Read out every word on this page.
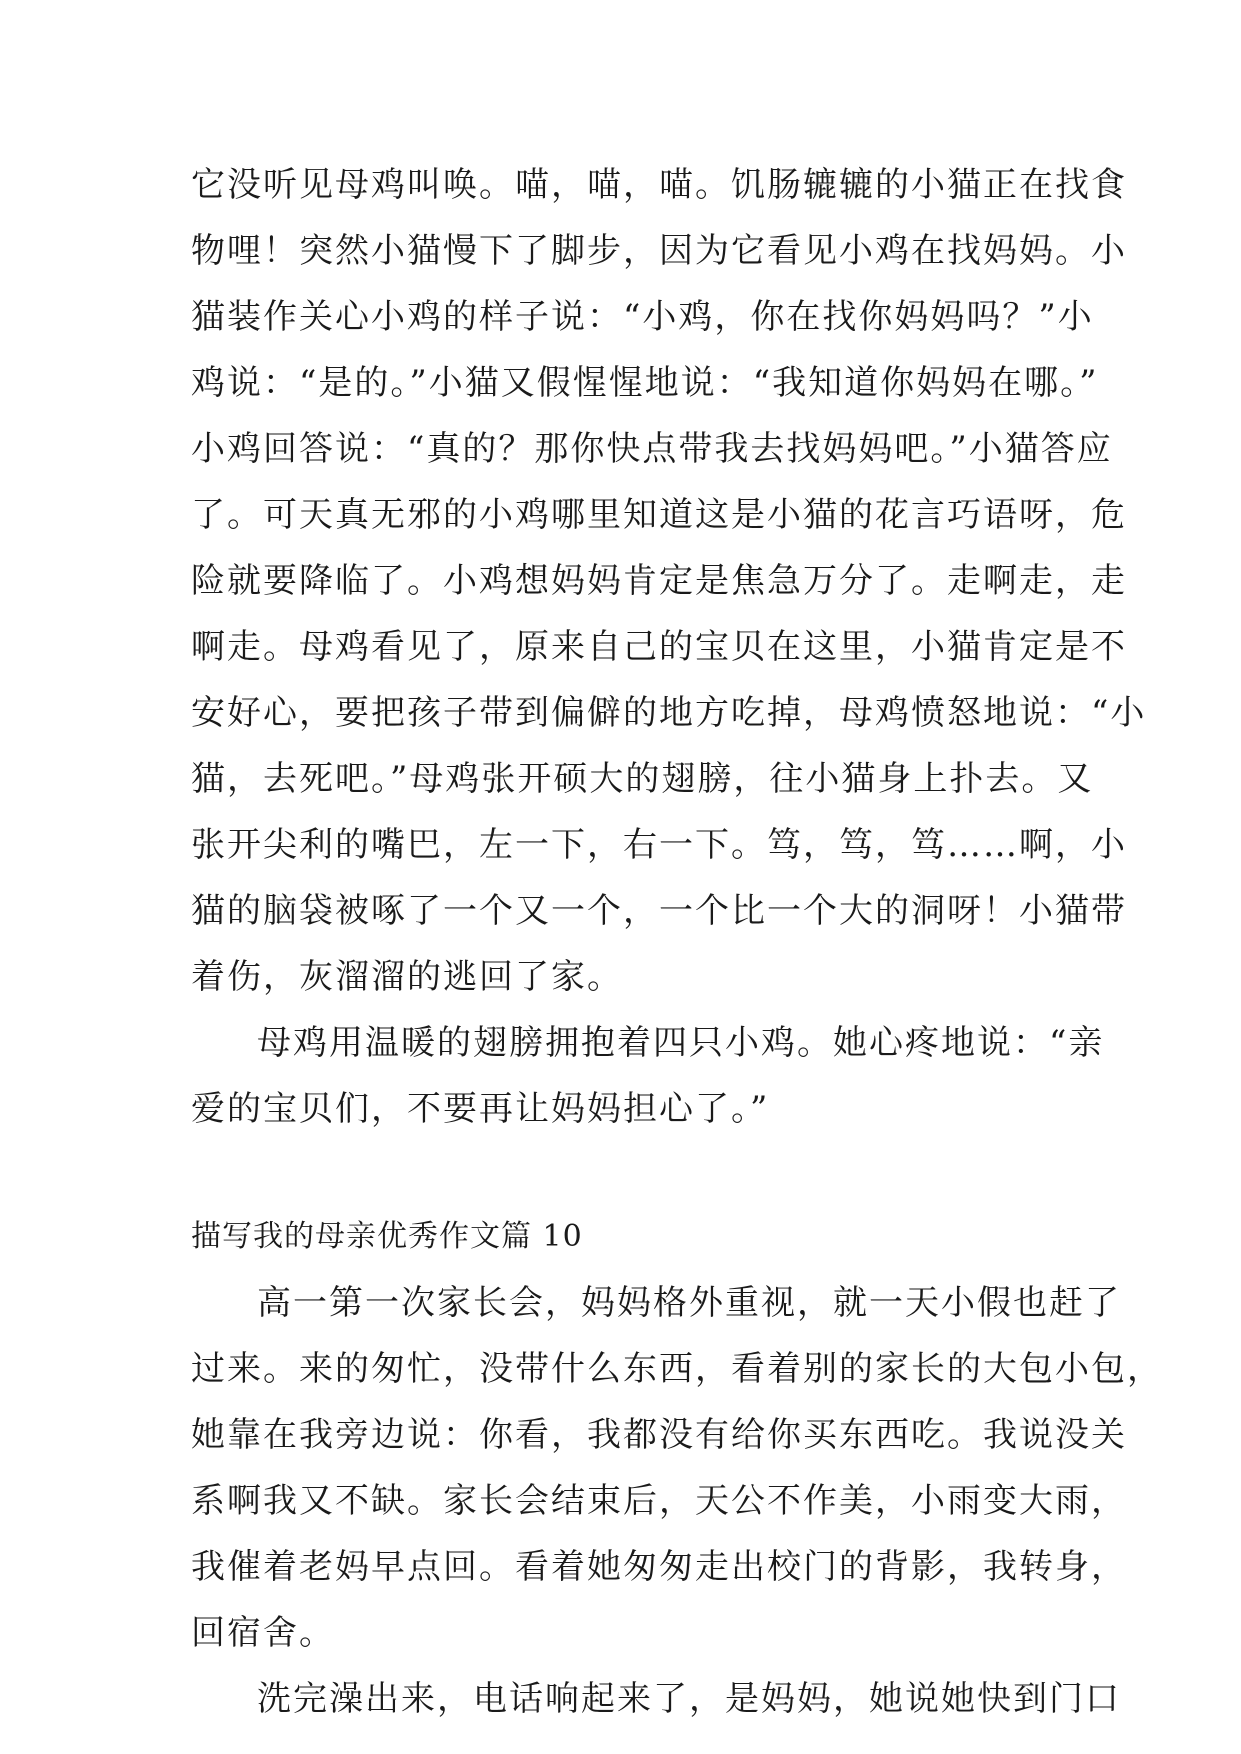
它没听见母鸡叫唤。喵，喵，喵。饥肠辘辘的小猫正在找食
物哩！突然小猫慢下了脚步，因为它看见小鸡在找妈妈。小
猫装作关心小鸡的样子说：“小鸡，你在找你妈妈吗？”小
鸡说：“是的。”小猫又假惺惺地说：“我知道你妈妈在哪。”
小鸡回答说：“真的？那你快点带我去找妈妈吧。”小猫答应
了。可天真无邪的小鸡哪里知道这是小猫的花言巧语呀，危
险就要降临了。小鸡想妈妈肯定是焦急万分了。走啊走，走
啊走。母鸡看见了，原来自己的宝贝在这里，小猫肯定是不
安好心，要把孩子带到偏僻的地方吃掉，母鸡愤怒地说：“小
猫，去死吧。”母鸡张开硕大的翅膀，往小猫身上扑去。又
张开尖利的嘴巴，左一下，右一下。笃，笃，笃……啊，小
猫的脑袋被啄了一个又一个，一个比一个大的洞呀！小猫带
着伤，灰溜溜的逃回了家。
母鸡用温暖的翅膀拥抱着四只小鸡。她心疼地说：“亲
爱的宝贝们，不要再让妈妈担心了。”
描写我的母亲优秀作文篇 10
高一第一次家长会，妈妈格外重视，就一天小假也赶了
过来。来的匆忙，没带什么东西，看着别的家长的大包小包，
她靠在我旁边说：你看，我都没有给你买东西吃。我说没关
系啊我又不缺。家长会结束后，天公不作美，小雨变大雨，
我催着老妈早点回。看着她匆匆走出校门的背影，我转身，
回宿舍。
洗完澡出来，电话响起来了，是妈妈，她说她快到门口
